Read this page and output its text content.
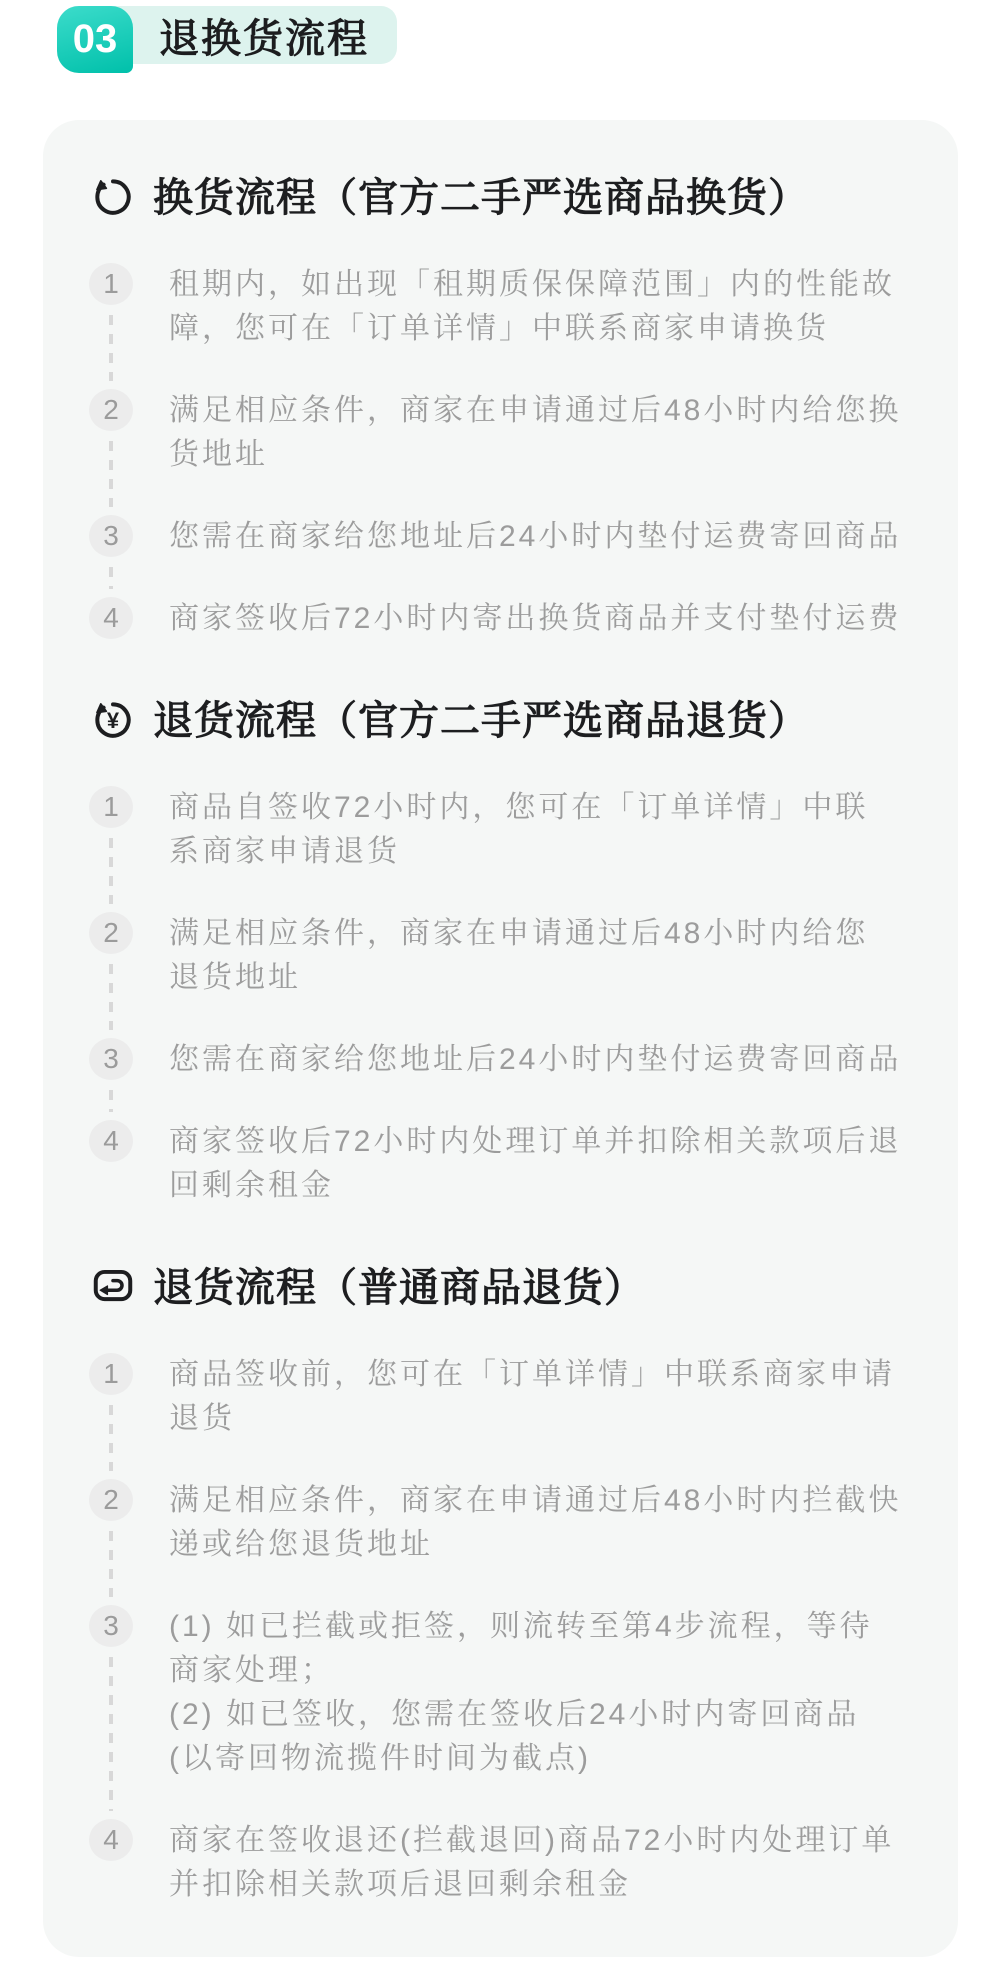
退换货流程
03
换货流程（官方二手严选商品换货）
1	租期内，如出现「租期质保保障范围」内的性能故
障，您可在「订单详情」中联系商家申请换货
2	满足相应条件，商家在申请通过后48小时内给您换
货地址
3	您需在商家给您地址后24小时内垫付运费寄回商品
4	商家签收后72小时内寄出换货商品并支付垫付运费
¥ 退货流程（官方二手严选商品退货）
1	商品自签收72小时内，您可在「订单详情」中联
系商家申请退货
2	满足相应条件，商家在申请通过后48小时内给您
退货地址
3	您需在商家给您地址后24小时内垫付运费寄回商品
4	商家签收后72小时内处理订单并扣除相关款项后退
回剩余租金
退货流程（普通商品退货）
1	商品签收前，您可在「订单详情」中联系商家申请
退货
2	满足相应条件，商家在申请通过后48小时内拦截快
递或给您退货地址
3	(1) 如已拦截或拒签，则流转至第4步流程，等待
商家处理；
(2) 如已签收，您需在签收后24小时内寄回商品
(以寄回物流揽件时间为截点)
4	商家在签收退还(拦截退回)商品72小时内处理订单
并扣除相关款项后退回剩余租金
